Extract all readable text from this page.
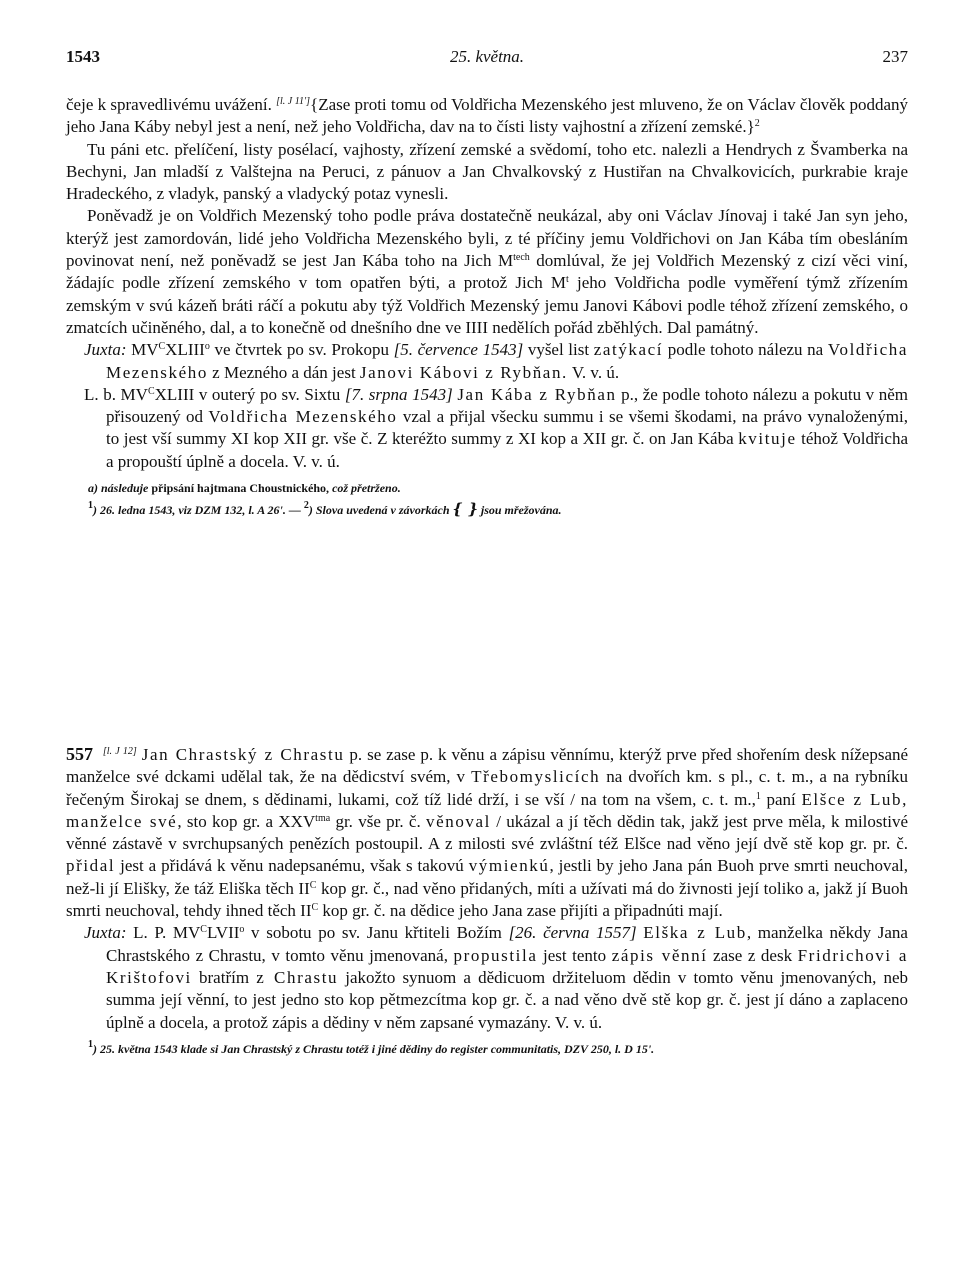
1543	25. května.	237

čeje k spravedlivému uvážení. [l. J 11']{Zase proti tomu od Voldřicha Mezenského jest mluveno, že on Václav člověk poddaný jeho Jana Káby nebyl jest a není, než jeho Voldřicha, dav na to čísti listy vajhostní a zřízení zemské.}$^2$

Tu páni etc. přelíčení, listy posélací, vajhosty, zřízení zemské a svědomí, toho etc. nalezli a Hendrych z Švamberka na Bechyni, Jan mladší z Valštejna na Peruci, z pánuov a Jan Chvalkovský z Hustiřan na Chvalkovicích, purkrabie kraje Hradeckého, z vladyk, panský a vladycký potaz vynesli.

Poněvadž je on Voldřich Mezenský toho podle práva dostatečně neukázal, aby oni Václav Jínovaj i také Jan syn jeho, kterýž jest zamordován, lidé jeho Voldřicha Mezenského byli, z té příčiny jemu Voldřichovi on Jan Kába tím obesláním povinovat není, než poněvadž se jest Jan Kába toho na Jich $M^{tech}$ domlúval, že jej Voldřich Mezenský z cizí věci viní, žádajíc podle zřízení zemského v tom opatřen býti, a protož Jich $M^t$ jeho Voldřicha podle vyměření týmž zřízením zemským v svú kázeň bráti ráčí a pokutu aby týž Voldřich Mezenský jemu Janovi Kábovi podle téhož zřízení zemského, o zmatcích učiněného, dal, a to konečně od dnešního dne ve IIII nedělích pořád zběhlých. Dal památný.

Juxta: $MV^CXLIII^o$ ve čtvrtek po sv. Prokopu [5. července 1543] vyšel list zatýkací podle tohoto nálezu na Voldřicha Mezenského z Mezného a dán jest Janovi Kábovi z Rybňan. V. v. ú.

L. b. $MV^CXLIII$ v outerý po sv. Sixtu [7. srpna 1543] Jan Kába z Rybňan p., že podle tohoto nálezu a pokutu v něm přisouzený od Voldřicha Mezenského vzal a přijal všecku summu i se všemi škodami, na právo vynaloženými, to jest vší summy XI kop XII gr. vše č. Z kteréžto summy z XI kop a XII gr. č. on Jan Kába kvituje téhož Voldřicha a propouští úplně a docela. V. v. ú.

a) následuje připsání hajtmana Choustnického, což přetrženo.
$^1$) 26. ledna 1543, viz DZM 132, l. A 26'. — $^2$) Slova uvedená v závorkách { } jsou mřežována.

557 [l. J 12] Jan Chrastský z Chrastu p. se zase p. k věnu a zápisu věnnímu, kterýž prve před shořením desk nížepsané manželce své dckami udělal tak, že na dědicství svém, v Třebomyslicích na dvořích km. s pl., c. t. m., a na rybníku řečeným Širokaj se dnem, s dědinami, lukami, což tíž lidé drží, i se vší / na tom na všem, c. t. m.,$^1$ paní Elšce z Lub, manželce své, sto kop gr. a $XXV^{tma}$ gr. vše pr. č. věnoval / ukázal a jí těch dědin tak, jakž jest prve měla, k milostivé věnné zástavě v svrchupsaných penězích postoupil. A z milosti své zvláštní též Elšce nad věno její dvě stě kop gr. pr. č. přidal jest a přidává k věnu nadepsanému, však s takovú výmienkú, jestli by jeho Jana pán Buoh prve smrti neuchoval, než-li jí Elišky, že táž Eliška těch $II^C$ kop gr. č., nad věno přidaných, míti a užívati má do živnosti její toliko a, jakž jí Buoh smrti neuchoval, tehdy ihned těch $II^C$ kop gr. č. na dědice jeho Jana zase přijíti a připadnúti mají.

Juxta: L. P. $MV^CLVII^o$ v sobotu po sv. Janu křtiteli Božím [26. června 1557] Elška z Lub, manželka někdy Jana Chrastského z Chrastu, v tomto věnu jmenovaná, propustila jest tento zápis věnní zase z desk Fridrichovi a Krištofovi bratřím z Chrastu jakožto synuom a dědicuom držiteluom dědin v tomto věnu jmenovaných, neb summa její věnní, to jest jedno sto kop pětmezcítma kop gr. č. a nad věno dvě stě kop gr. č. jest jí dáno a zaplaceno úplně a docela, a protož zápis a dědiny v něm zapsané vymazány. V. v. ú.

$^1$) 25. května 1543 klade si Jan Chrastský z Chrastu totéž i jiné dědiny do register communitatis, DZV 250, l. D 15'.
